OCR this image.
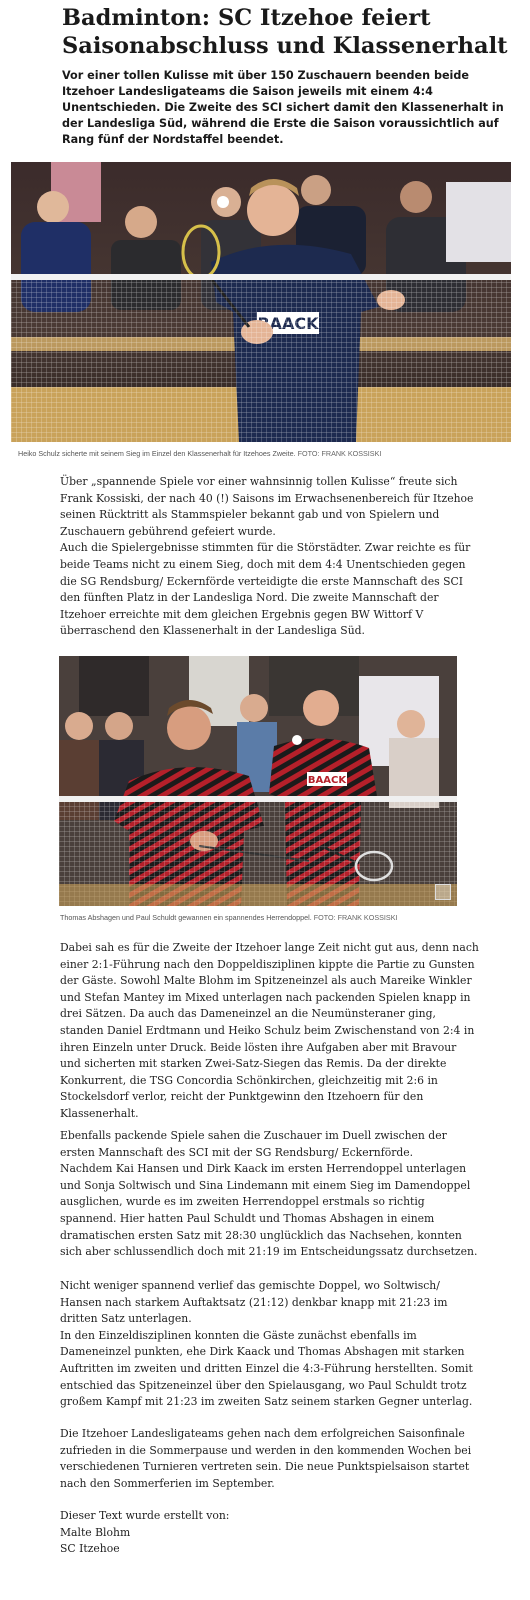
Badminton: SC Itzehoe feiert Saisonabschluss und Klassenerhalt

Vor einer tollen Kulisse mit über 150 Zuschauern beenden beide Itzehoer Landesligateams die Saison jeweils mit einem 4:4 Unentschieden. Die Zweite des SCI sichert damit den Klassenerhalt in der Landesliga Süd, während die Erste die Saison voraussichtlich auf Rang fünf der Nordstaffel beendet.

Heiko Schulz sicherte mit seinem Sieg im Einzel den Klassenerhalt für Itzehoes Zweite. FOTO: FRANK KOSSISKI

Über „spannende Spiele vor einer wahnsinnig tollen Kulisse“ freute sich Frank Kossiski, der nach 40 (!) Saisons im Erwachsenenbereich für Itzehoe seinen Rücktritt als Stammspieler bekannt gab und von Spielern und Zuschauern gebührend gefeiert wurde.

Auch die Spielergebnisse stimmten für die Störstädter. Zwar reichte es für beide Teams nicht zu einem Sieg, doch mit dem 4:4 Unentschieden gegen die SG Rendsburg/ Eckernförde verteidigte die erste Mannschaft des SCI den fünften Platz in der Landesliga Nord. Die zweite Mannschaft der Itzehoer erreichte mit dem gleichen Ergebnis gegen BW Wittorf V überraschend den Klassenerhalt in der Landesliga Süd.

BAACK
Thomas Abshagen und Paul Schuldt gewannen ein spannendes Herrendoppel. FOTO: FRANK KOSSISKI

Dabei sah es für die Zweite der Itzehoer lange Zeit nicht gut aus, denn nach einer 2:1-Führung nach den Doppeldisziplinen kippte die Partie zu Gunsten der Gäste. Sowohl Malte Blohm im Spitzeneinzel als auch Mareike Winkler und Stefan Mantey im Mixed unterlagen nach packenden Spielen knapp in drei Sätzen. Da auch das Dameneinzel an die Neumünsteraner ging, standen Daniel Erdtmann und Heiko Schulz beim Zwischenstand von 2:4 in ihren Einzeln unter Druck. Beide lösten ihre Aufgaben aber mit Bravour und sicherten mit starken Zwei-Satz-Siegen das Remis. Da der direkte Konkurrent, die TSG Concordia Schönkirchen, gleichzeitig mit 2:6 in Stockelsdorf verlor, reicht der Punktgewinn den Itzehoern für den Klassenerhalt.

Ebenfalls packende Spiele sahen die Zuschauer im Duell zwischen der ersten Mannschaft des SCI mit der SG Rendsburg/ Eckernförde.

Nachdem Kai Hansen und Dirk Kaack im ersten Herrendoppel unterlagen und Sonja Soltwisch und Sina Lindemann mit einem Sieg im Damendoppel ausglichen, wurde es im zweiten Herrendoppel erstmals so richtig spannend. Hier hatten Paul Schuldt und Thomas Abshagen in einem dramatischen ersten Satz mit 28:30 unglücklich das Nachsehen, konnten sich aber schlussendlich doch mit 21:19 im Entscheidungssatz durchsetzen.

Nicht weniger spannend verlief das gemischte Doppel, wo Soltwisch/ Hansen nach starkem Auftaktsatz (21:12) denkbar knapp mit 21:23 im dritten Satz unterlagen.

In den Einzeldisziplinen konnten die Gäste zunächst ebenfalls im Dameneinzel punkten, ehe Dirk Kaack und Thomas Abshagen mit starken Auftritten im zweiten und dritten Einzel die 4:3-Führung herstellten. Somit entschied das Spitzeneinzel über den Spielausgang, wo Paul Schuldt trotz großem Kampf mit 21:23 im zweiten Satz seinem starken Gegner unterlag.

Die Itzehoer Landesligateams gehen nach dem erfolgreichen Saisonfinale zufrieden in die Sommerpause und werden in den kommenden Wochen bei verschiedenen Turnieren vertreten sein. Die neue Punktspielsaison startet nach den Sommerferien im September.

Dieser Text wurde erstellt von:

Malte Blohm

SC Itzehoe
